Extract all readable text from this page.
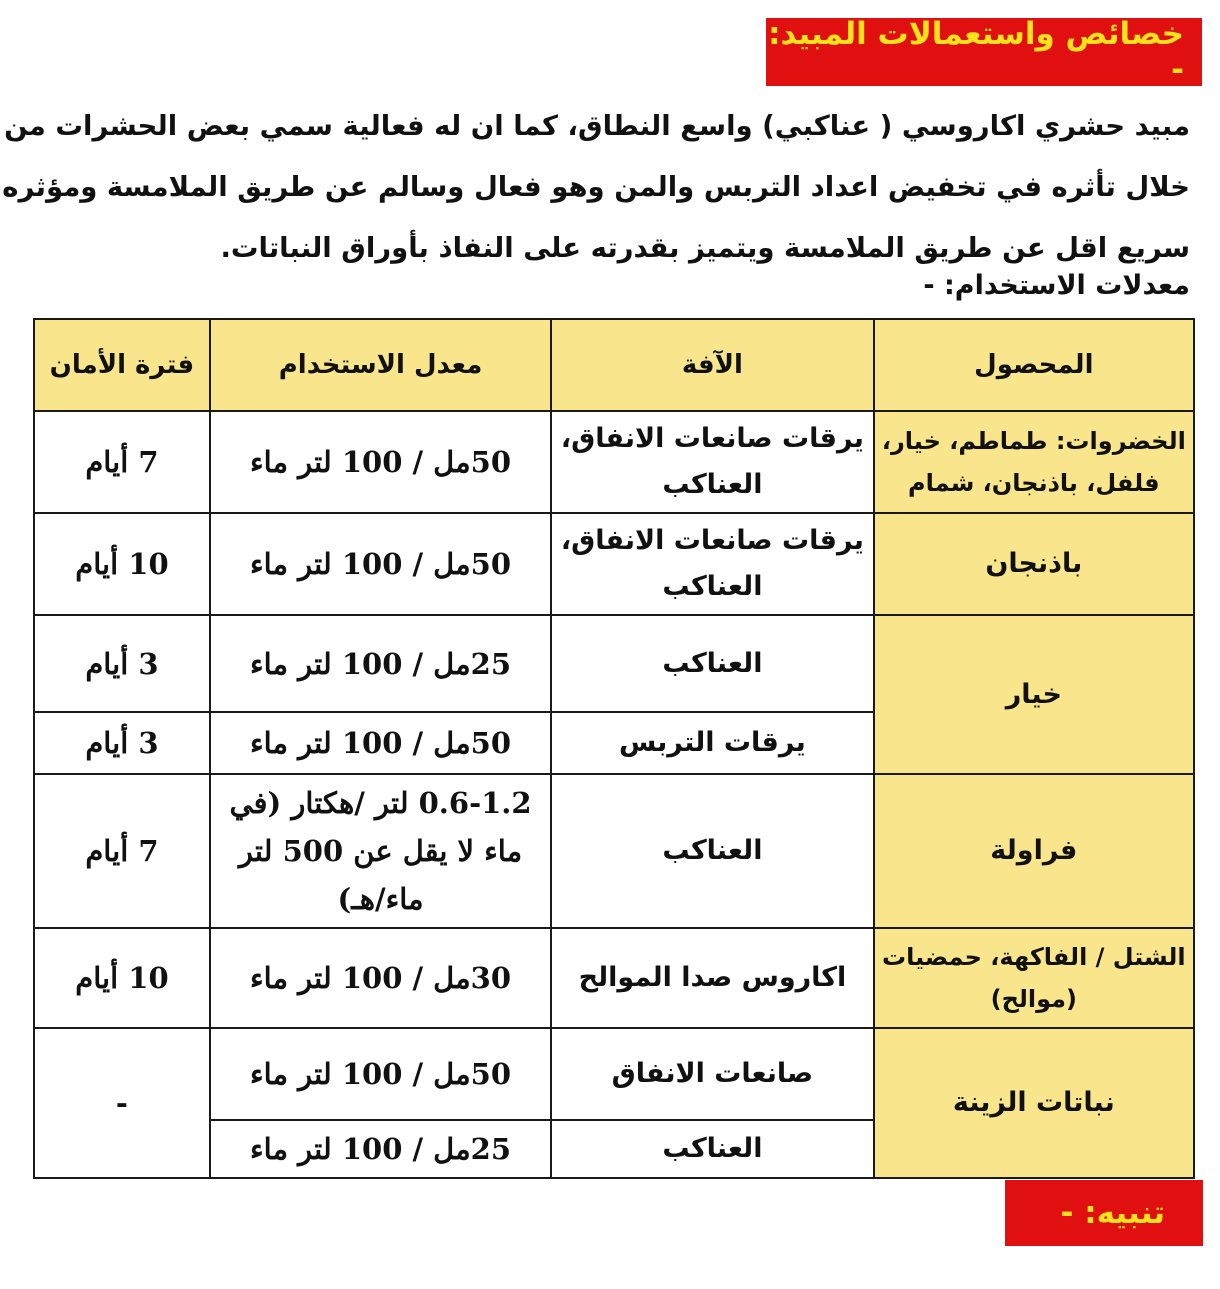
خصائص واستعمالات المبيد: -
مبيد حشري اكاروسي ( عناكبي) واسع النطاق، كما ان له فعالية سمي بعض الحشرات من
خلال تأثره في تخفيض اعداد التربس والمن وهو فعال وسالم عن طريق الملامسة ومؤثره
سريع اقل عن طريق الملامسة ويتميز بقدرته على النفاذ بأوراق النباتات.
معدلات الاستخدام: -
المحصول	الآفة	معدل الاستخدام	فترة الأمان
الخضروات: طماطم، خيار، فلفل، باذنجان، شمام	يرقات صانعات الانفاق، العناكب	50مل / 100 لتر ماء	7 أيام
باذنجان	يرقات صانعات الانفاق، العناكب	50مل / 100 لتر ماء	10 أيام
خيار	العناكب	25مل / 100 لتر ماء	3 أيام
	يرقات التربس	50مل / 100 لتر ماء	3 أيام
فراولة	العناكب	0.6-1.2 لتر /هكتار (في ماء لا يقل عن 500 لتر ماء/هـ)	7 أيام
الشتل / الفاكهة، حمضيات (موالح)	اكاروس صدا الموالح	30مل / 100 لتر ماء	10 أيام
نباتات الزينة	صانعات الانفاق	50مل / 100 لتر ماء	-
	العناكب	25مل / 100 لتر ماء	
تنبيه: -
